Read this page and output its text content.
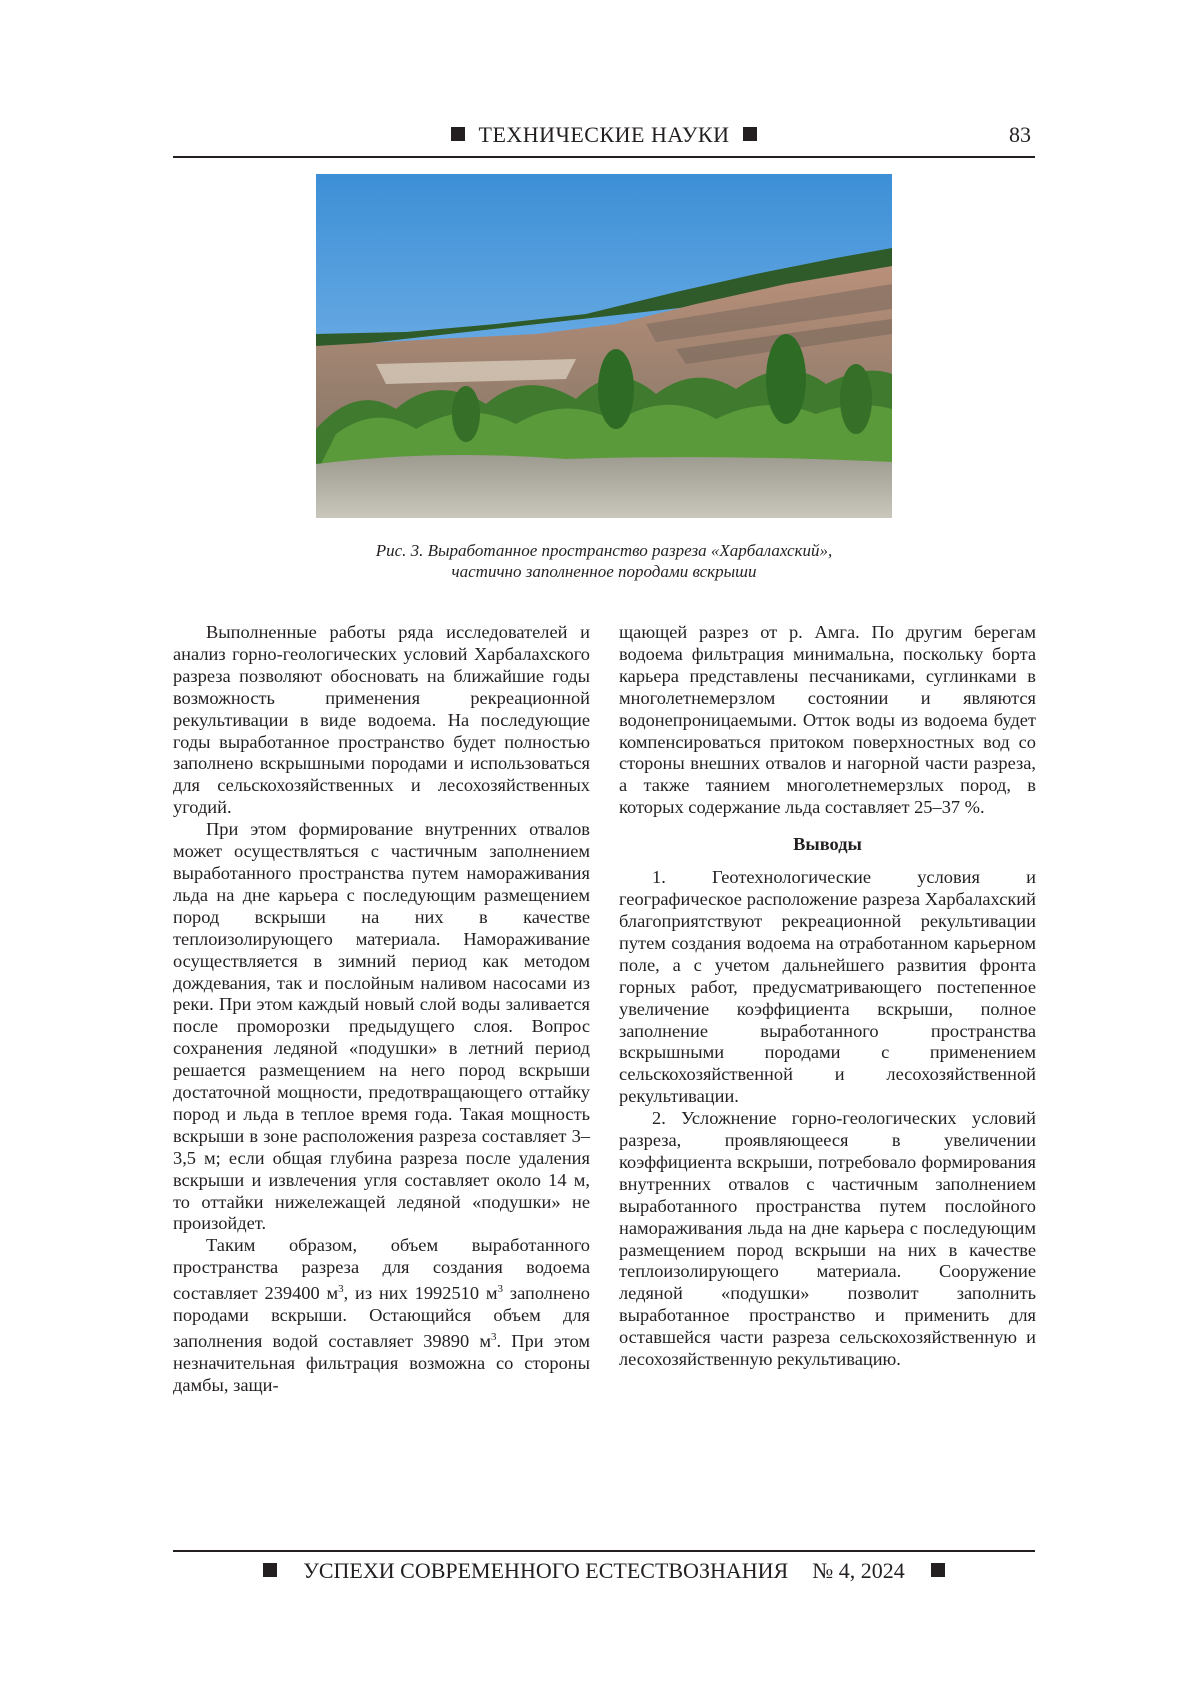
ТЕХНИЧЕСКИЕ НАУКИ	83
Рис. 3. Выработанное пространство разреза «Харбалахский»,
частично заполненное породами вскрыши

Выполненные работы ряда исследователей и анализ горно-геологических условий Харбалахского разреза позволяют обосновать на ближайшие годы возможность применения рекреационной рекультивации в виде водоема. На последующие годы выработанное пространство будет полностью заполнено вскрышными породами и использоваться для сельскохозяйственных и лесохозяйственных угодий.

При этом формирование внутренних отвалов может осуществляться с частичным заполнением выработанного пространства путем намораживания льда на дне карьера с последующим размещением пород вскрыши на них в качестве теплоизолирующего материала. Намораживание осуществляется в зимний период как методом дождевания, так и послойным наливом насосами из реки. При этом каждый новый слой воды заливается после проморозки предыдущего слоя. Вопрос сохранения ледяной «подушки» в летний период решается размещением на него пород вскрыши достаточной мощности, предотвращающего оттайку пород и льда в теплое время года. Такая мощность вскрыши в зоне расположения разреза составляет 3–3,5 м; если общая глубина разреза после удаления вскрыши и извлечения угля составляет около 14 м, то оттайки нижележащей ледяной «подушки» не произойдет.

Таким образом, объем выработанного пространства разреза для создания водоема составляет 239400 $м^3$, из них 1992510 $м^3$ заполнено породами вскрыши. Остающийся объем для заполнения водой составляет 39890 $м^3$. При этом незначительная фильтрация возможна со стороны дамбы, защи-

щающей разрез от р. Амга. По другим берегам водоема фильтрация минимальна, поскольку борта карьера представлены песчаниками, суглинками в многолетнемерзлом состоянии и являются водонепроницаемыми. Отток воды из водоема будет компенсироваться притоком поверхностных вод со стороны внешних отвалов и нагорной части разреза, а также таянием многолетнемерзлых пород, в которых содержание льда составляет 25–37 %.

Выводы

1. Геотехнологические условия и географическое расположение разреза Харбалахский благоприятствуют рекреационной рекультивации путем создания водоема на отработанном карьерном поле, а с учетом дальнейшего развития фронта горных работ, предусматривающего постепенное увеличение коэффициента вскрыши, полное заполнение выработанного пространства вскрышными породами с применением сельскохозяйственной и лесохозяйственной рекультивации.

2. Усложнение горно-геологических условий разреза, проявляющееся в увеличении коэффициента вскрыши, потребовало формирования внутренних отвалов с частичным заполнением выработанного пространства путем послойного намораживания льда на дне карьера с последующим размещением пород вскрыши на них в качестве теплоизолирующего материала. Сооружение ледяной «подушки» позволит заполнить выработанное пространство и применить для оставшейся части разреза сельскохозяйственную и лесохозяйственную рекультивацию.

УСПЕХИ СОВРЕМЕННОГО ЕСТЕСТВОЗНАНИЯ № 4, 2024
